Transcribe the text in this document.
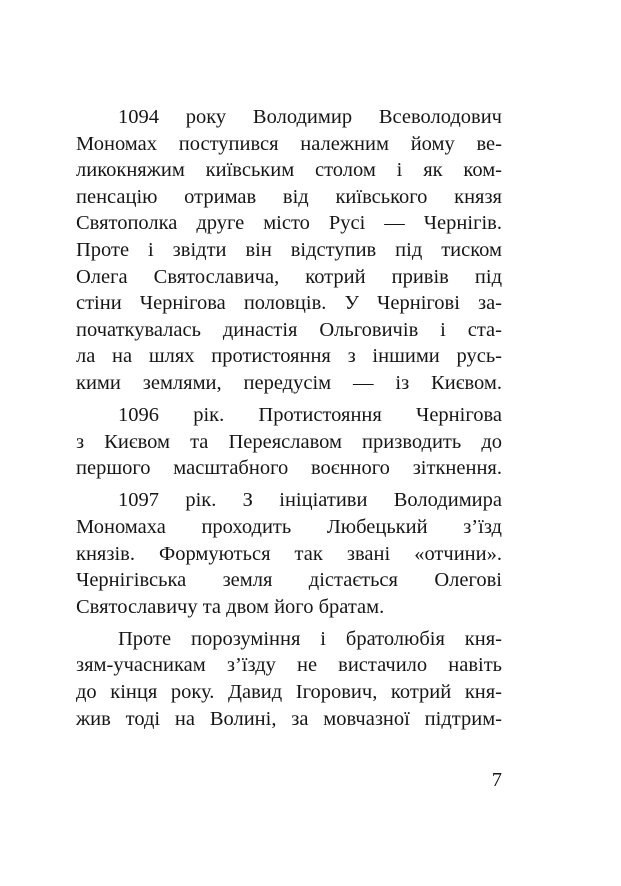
1094 року Володимир Всеволодович
Мономах поступився належним йому ве-
ликокняжим київським столом і як ком-
пенсацію отримав від київського князя
Святополка друге місто Русі — Чернігів.
Проте і звідти він відступив під тиском
Олега Святославича, котрий привів під
стіни Чернігова половців. У Чернігові за-
початкувалась династія Ольговичів і ста-
ла на шлях протистояння з іншими русь-
кими землями, передусім — із Києвом.
1096 рік. Протистояння Чернігова
з Києвом та Переяславом призводить до
першого масштабного воєнного зіткнення.
1097 рік. З ініціативи Володимира
Мономаха проходить Любецький з’їзд
князів. Формуються так звані «отчини».
Чернігівська земля дістається Олегові
Святославичу та двом його братам.
Проте порозуміння і братолюбія кня-
зям-учасникам з’їзду не вистачило навіть
до кінця року. Давид Ігорович, котрий кня-
жив тоді на Волині, за мовчазної підтрим-
7
